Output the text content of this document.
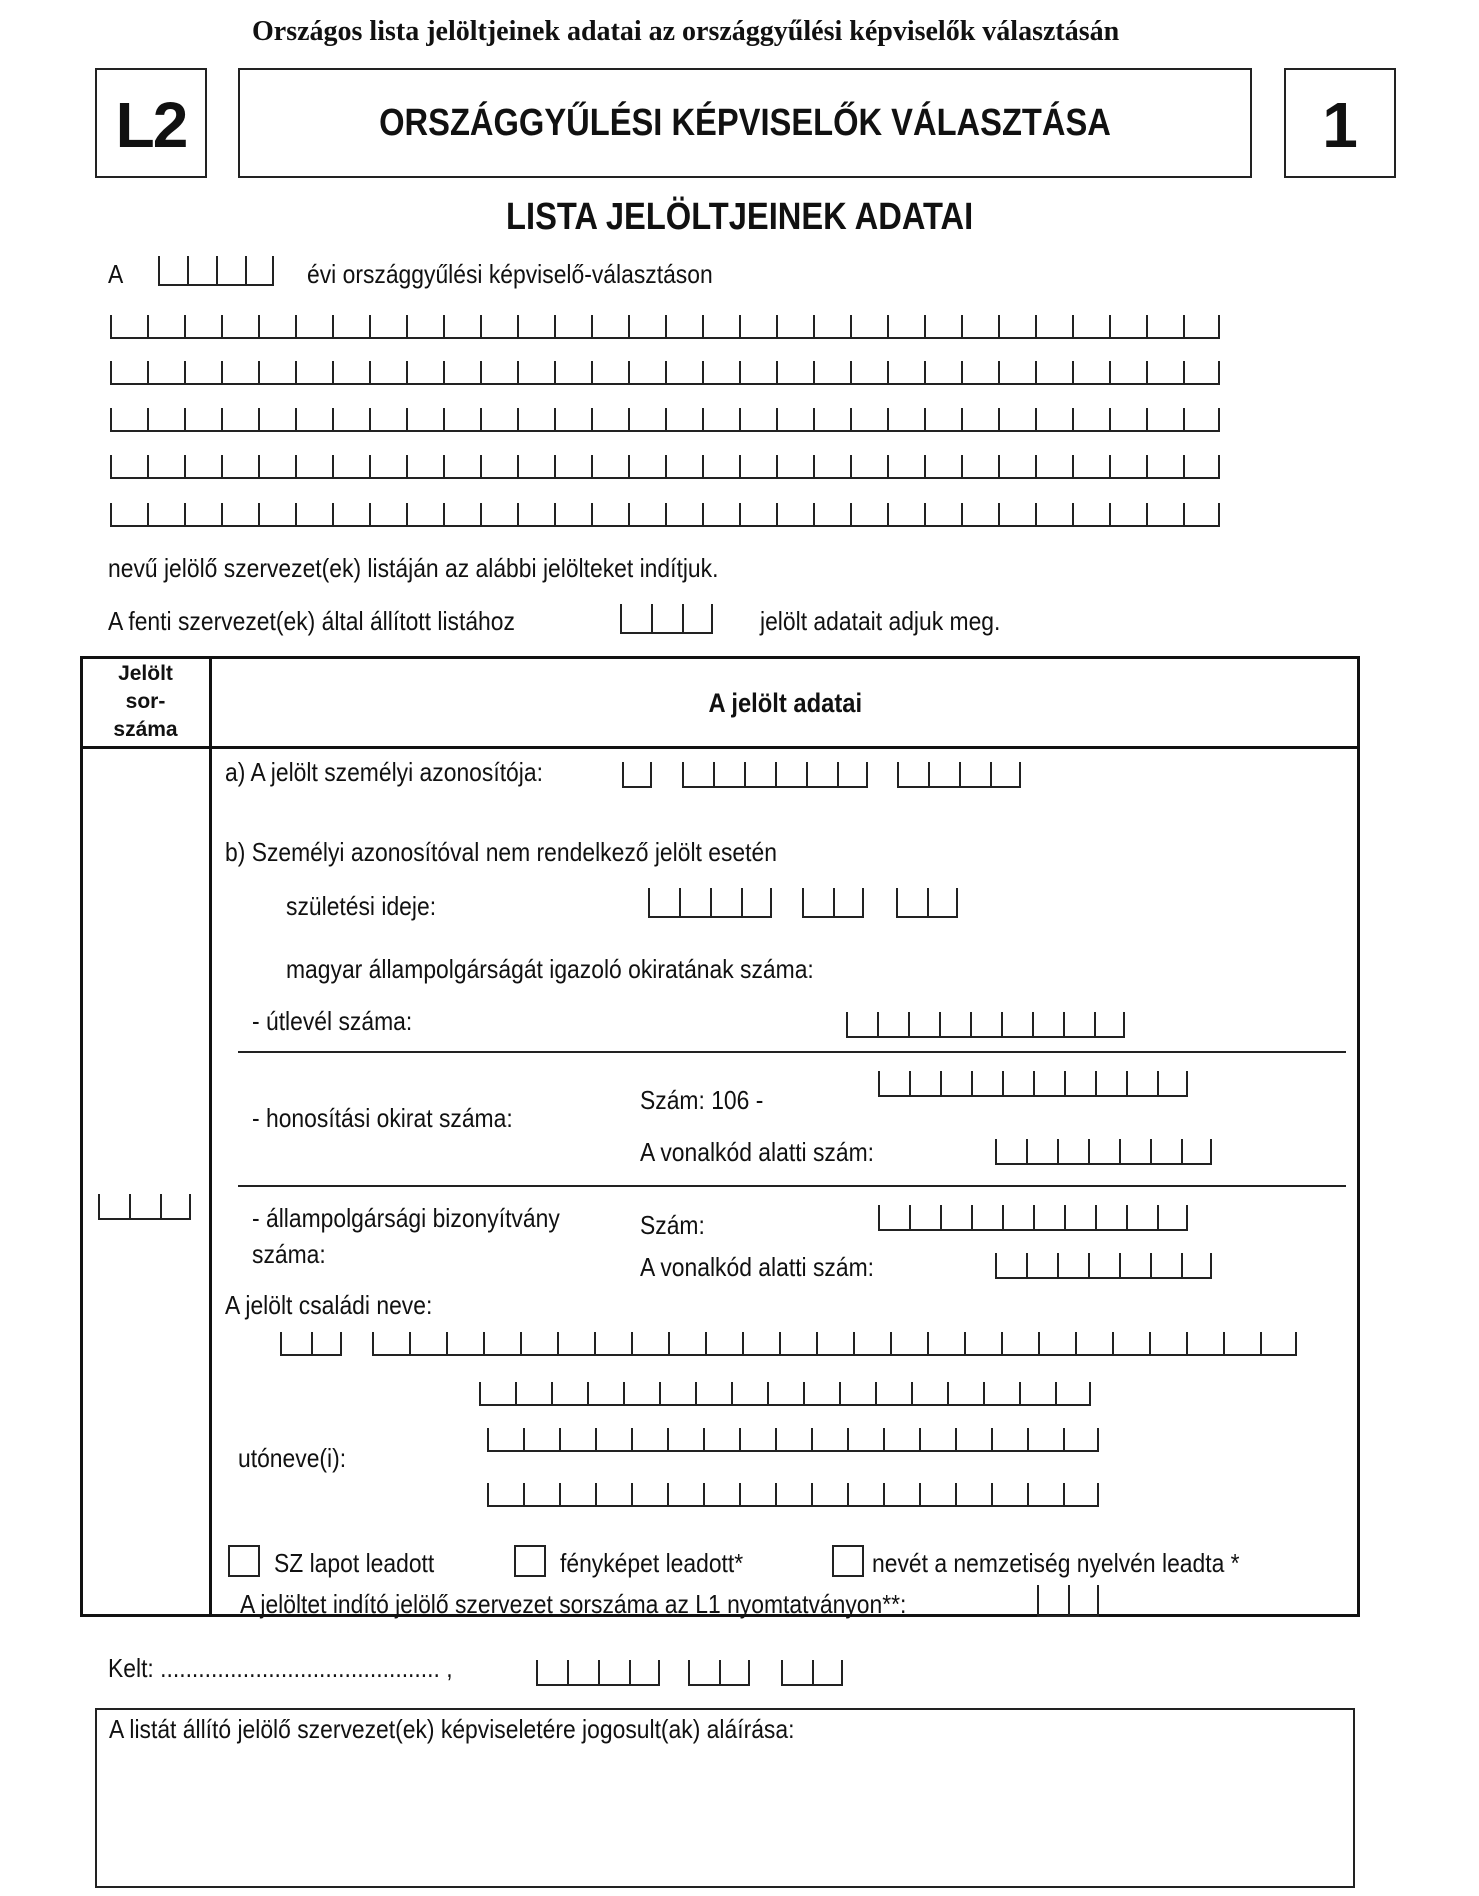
Országos lista jelöltjeinek adatai az országgyűlési képviselők választásán
L2	ORSZÁGGYŰLÉSI KÉPVISELŐK VÁLASZTÁSA	1
LISTA JELÖLTJEINEK ADATAI
A	évi országgyűlési képviselő-választáson
nevű jelölő szervezet(ek) listáján az alábbi jelölteket indítjuk.
A fenti szervezet(ek) által állított listához	jelölt adatait adjuk meg.
Jelölt
sor-
száma
A jelölt adatai
a) A jelölt személyi azonosítója:
b) Személyi azonosítóval nem rendelkező jelölt esetén
születési ideje:
magyar állampolgárságát igazoló okiratának száma:
- útlevél száma:
- honosítási okirat száma:
Szám: 106 -
A vonalkód alatti szám:
- állampolgársági bizonyítvány
száma:
Szám:
A vonalkód alatti szám:
A jelölt családi neve:
utóneve(i):
SZ lapot leadott	fényképet leadott*	nevét a nemzetiség nyelvén leadta *
A jelöltet indító jelölő szervezet sorszáma az L1 nyomtatványon**:
Kelt: ............................................ ,
A listát állító jelölő szervezet(ek) képviseletére jogosult(ak) aláírása:
